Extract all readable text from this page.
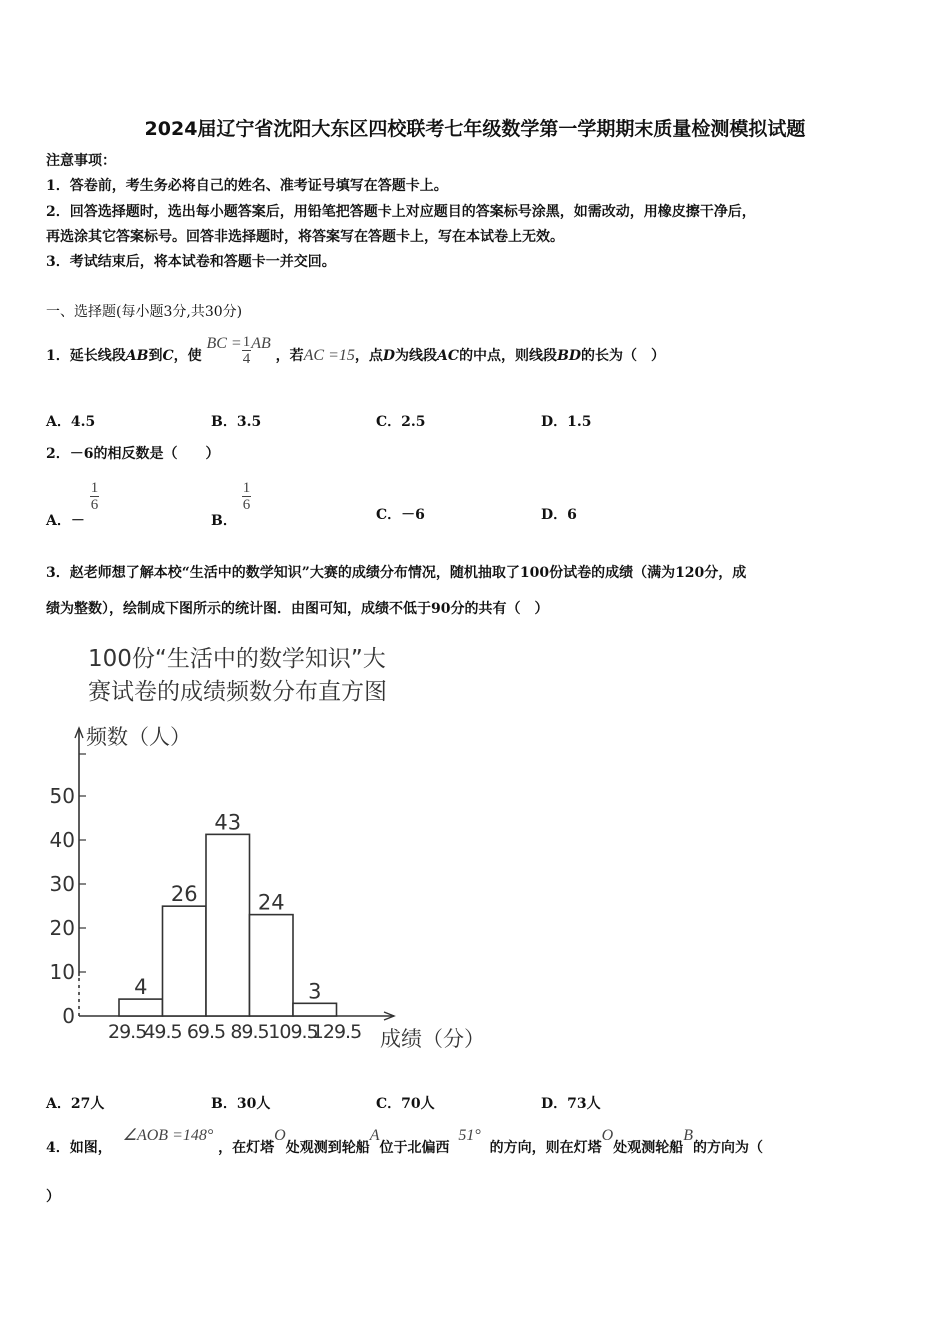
2024届辽宁省沈阳大东区四校联考七年级数学第一学期期末质量检测模拟试题
注意事项：
1．答卷前，考生务必将自己的姓名、准考证号填写在答题卡上。
2．回答选择题时，选出每小题答案后，用铅笔把答题卡上对应题目的答案标号涂黑，如需改动，用橡皮擦干净后，
再选涂其它答案标号。回答非选择题时，将答案写在答题卡上，写在本试卷上无效。
3．考试结束后，将本试卷和答题卡一并交回。
一、选择题(每小题3分,共30分)
1．延长线段AB到C，使 BC = $\frac{1}{4}$ AB ，若AC =15，点D为线段AC的中点，则线段BD的长为（　）
A．4.5	B．3.5	C．2.5	D．1.5
2．－6的相反数是（　　）
A．－
$\frac{1}{6}$
B．
$\frac{1}{6}$
C．－6	D．6
3．赵老师想了解本校“生活中的数学知识”大赛的成绩分布情况，随机抽取了100份试卷的成绩（满为120分，成
绩为整数），绘制成下图所示的统计图．由图可知，成绩不低于90分的共有（　）
100份“生活中的数学知识”大
赛试卷的成绩频数分布直方图
频数（人）
成绩（分）
0
10
20
30
40
50
29.5
49.5 69.5 89.5 109.5
129.5
4
26
43
24
3
A．27人	B．30人	C．70人	D．73人
4．如图， ∠AOB =148° ，在灯塔O处观测到轮船A位于北偏西 51° 的方向，则在灯塔O处观测轮船B的方向为（
）
